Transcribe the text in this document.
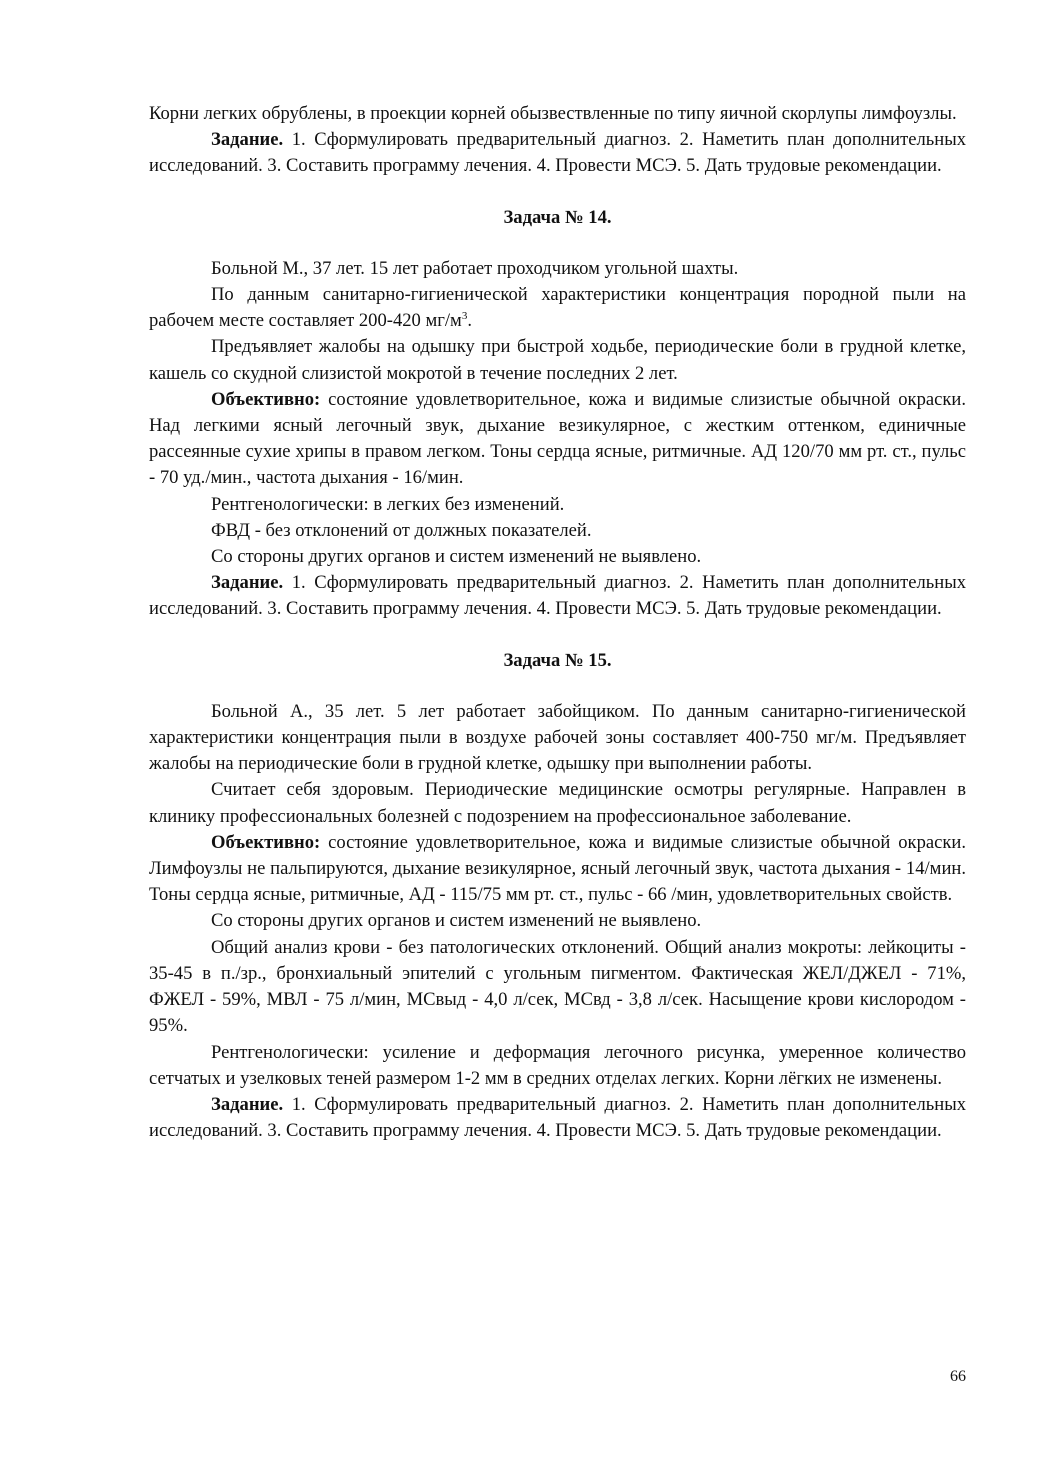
Корни легких обрублены, в проекции корней обызвествленные по типу яичной скорлупы лимфоузлы.

Задание. 1. Сформулировать предварительный диагноз. 2. Наметить план дополнительных исследований. 3. Составить программу лечения. 4. Провести МСЭ. 5. Дать трудовые рекомендации.

Задача № 14.

Больной М., 37 лет. 15 лет работает проходчиком угольной шахты.

По данным санитарно-гигиенической характеристики концентрация породной пыли на рабочем месте составляет 200-420 $мг/м^3$.

Предъявляет жалобы на одышку при быстрой ходьбе, периодические боли в грудной клетке, кашель со скудной слизистой мокротой в течение последних 2 лет.

Объективно: состояние удовлетворительное, кожа и видимые слизистые обычной окраски. Над легкими ясный легочный звук, дыхание везикулярное, с жестким оттенком, единичные рассеянные сухие хрипы в правом легком. Тоны сердца ясные, ритмичные. АД 120/70 мм рт. ст., пульс - 70 уд./мин., частота дыхания - 16/мин.

Рентгенологически: в легких без изменений.

ФВД - без отклонений от должных показателей.

Со стороны других органов и систем изменений не выявлено.

Задание. 1. Сформулировать предварительный диагноз. 2. Наметить план дополнительных исследований. 3. Составить программу лечения. 4. Провести МСЭ. 5. Дать трудовые рекомендации.

Задача № 15.

Больной А., 35 лет. 5 лет работает забойщиком. По данным санитарно-гигиенической характеристики концентрация пыли в воздухе рабочей зоны составляет 400-750 мг/м. Предъявляет жалобы на периодические боли в грудной клетке, одышку при выполнении работы.

Считает себя здоровым. Периодические медицинские осмотры регулярные. Направлен в клинику профессиональных болезней с подозрением на профессиональное заболевание.

Объективно: состояние удовлетворительное, кожа и видимые слизистые обычной окраски. Лимфоузлы не пальпируются, дыхание везикулярное, ясный легочный звук, частота дыхания - 14/мин. Тоны сердца ясные, ритмичные, АД - 115/75 мм рт. ст., пульс - 66 /мин, удовлетворительных свойств.

Со стороны других органов и систем изменений не выявлено.

Общий анализ крови - без патологических отклонений. Общий анализ мокроты: лейкоциты - 35-45 в п./зр., бронхиальный эпителий с угольным пигментом. Фактическая ЖЕЛ/ДЖЕЛ - 71%, ФЖЕЛ - 59%, МВЛ - 75 л/мин, МСвыд - 4,0 л/сек, МСвд - 3,8 л/сек. Насыщение крови кислородом - 95%.

Рентгенологически: усиление и деформация легочного рисунка, умеренное количество сетчатых и узелковых теней размером 1-2 мм в средних отделах легких. Корни лёгких не изменены.

Задание. 1. Сформулировать предварительный диагноз. 2. Наметить план дополнительных исследований. 3. Составить программу лечения. 4. Провести МСЭ. 5. Дать трудовые рекомендации.

66
